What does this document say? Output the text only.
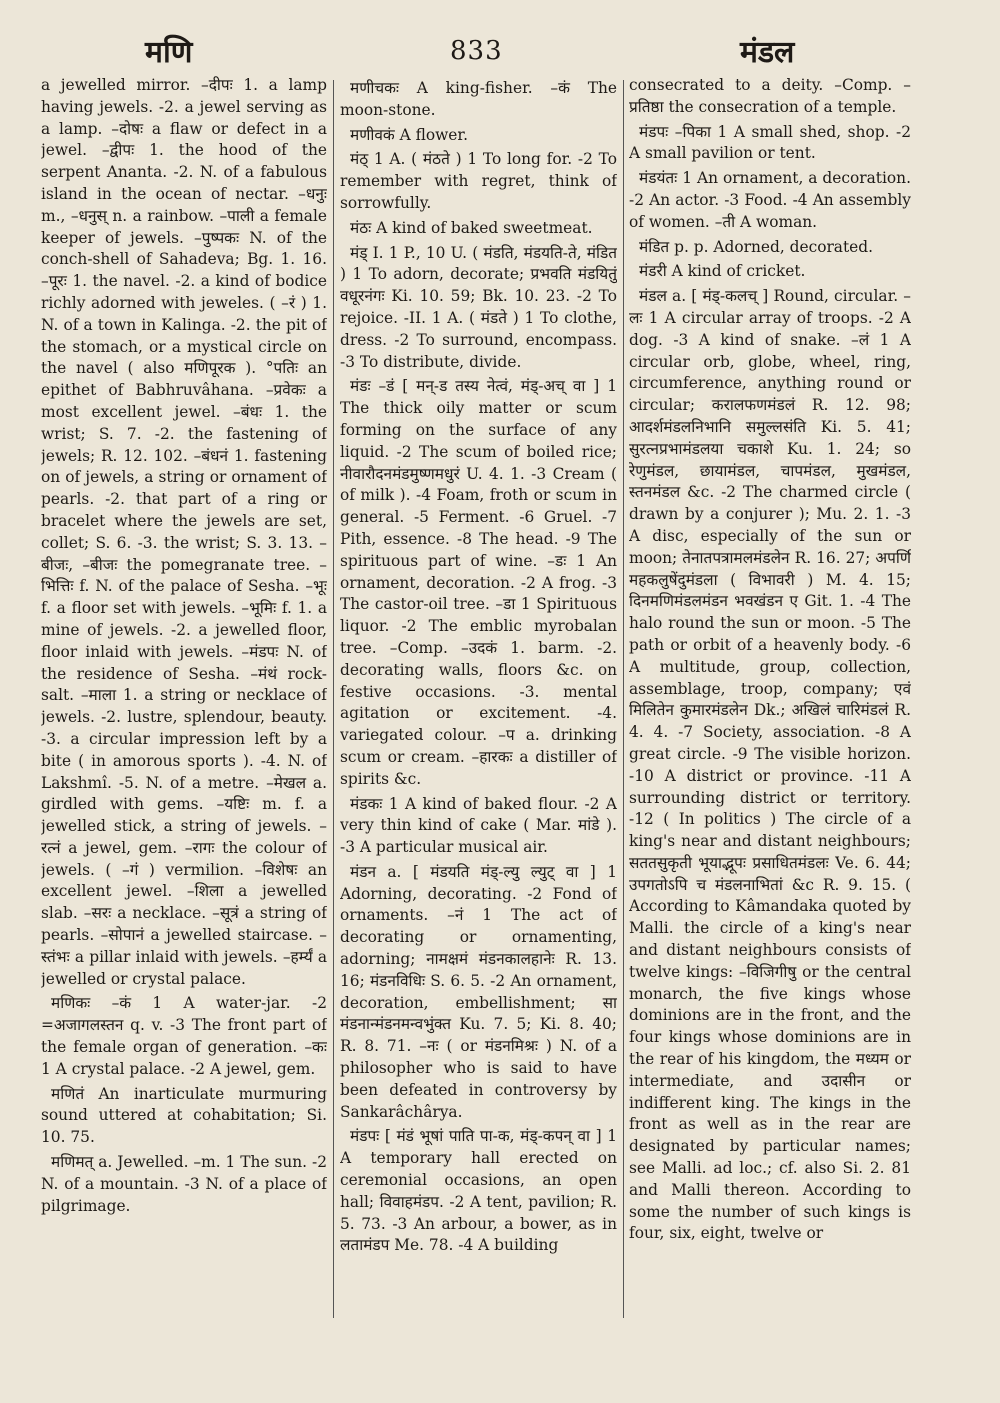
मणि	833	मंडल

a jewelled mirror. –दीपः 1. a lamp having jewels. -2. a jewel serving as a lamp. –दोषः a flaw or defect in a jewel. –द्वीपः 1. the hood of the serpent Ananta. -2. N. of a fabulous island in the ocean of nectar. –धनुः m., –धनुस् n. a rainbow. –पाली a female keeper of jewels. –पुष्पकः N. of the conch-shell of Sahadeva; Bg. 1. 16. –पूरः 1. the navel. -2. a kind of bodice richly adorned with jeweles. ( –रं ) 1. N. of a town in Kalinga. -2. the pit of the stomach, or a mystical circle on the navel ( also मणिपूरक ). °पतिः an epithet of Babhruvâhana. –प्रवेकः a most excellent jewel. –बंधः 1. the wrist; S. 7. -2. the fastening of jewels; R. 12. 102. –बंधनं 1. fastening on of jewels, a string or ornament of pearls. -2. that part of a ring or bracelet where the jewels are set, collet; S. 6. -3. the wrist; S. 3. 13. –बीजः, –बीजः the pomegranate tree. –भित्तिः f. N. of the palace of Sesha. –भूः f. a floor set with jewels. –भूमिः f. 1. a mine of jewels. -2. a jewelled floor, floor inlaid with jewels. –मंडपः N. of the residence of Sesha. –मंथं rock-salt. –माला 1. a string or necklace of jewels. -2. lustre, splendour, beauty. -3. a circular impression left by a bite ( in amorous sports ). -4. N. of Lakshmî. -5. N. of a metre. –मेखल a. girdled with gems. –यष्टिः m. f. a jewelled stick, a string of jewels. –रत्नं a jewel, gem. –रागः the colour of jewels. ( –गं ) vermilion. –विशेषः an excellent jewel. –शिला a jewelled slab. –सरः a necklace. –सूत्रं a string of pearls. –सोपानं a jewelled staircase. –स्तंभः a pillar inlaid with jewels. –हर्म्यं a jewelled or crystal palace.

मणिकः –कं 1 A water-jar. -2 =अजागलस्तन q. v. -3 The front part of the female organ of generation. –कः 1 A crystal palace. -2 A jewel, gem.

मणितं An inarticulate murmuring sound uttered at cohabitation; Si. 10. 75.

मणिमत् a. Jewelled. –m. 1 The sun. -2 N. of a mountain. -3 N. of a place of pilgrimage.

मणीचकः A king-fisher. –कं The moon-stone.

मणीवकं A flower.

मंठ् 1 A. ( मंठते ) 1 To long for. -2 To remember with regret, think of sorrowfully.

मंठः A kind of baked sweetmeat.

मंड् I. 1 P., 10 U. ( मंडति, मंडयति-ते, मंडित ) 1 To adorn, decorate; प्रभवति मंडयितुं वधूरनंगः Ki. 10. 59; Bk. 10. 23. -2 To rejoice. -II. 1 A. ( मंडते ) 1 To clothe, dress. -2 To surround, encompass. -3 To distribute, divide.

मंडः –डं [ मन्-ड तस्य नेत्वं, मंड्-अच् वा ] 1 The thick oily matter or scum forming on the surface of any liquid. -2 The scum of boiled rice; नीवारौदनमंडमुष्णमधुरं U. 4. 1. -3 Cream ( of milk ). -4 Foam, froth or scum in general. -5 Ferment. -6 Gruel. -7 Pith, essence. -8 The head. -9 The spirituous part of wine. –डः 1 An ornament, decoration. -2 A frog. -3 The castor-oil tree. –डा 1 Spirituous liquor. -2 The emblic myrobalan tree. –Comp. –उदकं 1. barm. -2. decorating walls, floors &c. on festive occasions. -3. mental agitation or excitement. -4. variegated colour. –प a. drinking scum or cream. –हारकः a distiller of spirits &c.

मंडकः 1 A kind of baked flour. -2 A very thin kind of cake ( Mar. मांडे ). -3 A particular musical air.

मंडन a. [ मंडयति मंड्-ल्यु ल्युट् वा ] 1 Adorning, decorating. -2 Fond of ornaments. –नं 1 The act of decorating or ornamenting, adorning; नामक्षमं मंडनकालहानेः R. 13. 16; मंडनविधिः S. 6. 5. -2 An ornament, decoration, embellishment; सा मंडनान्मंडनमन्वभुंक्त Ku. 7. 5; Ki. 8. 40; R. 8. 71. –नः ( or मंडनमिश्रः ) N. of a philosopher who is said to have been defeated in controversy by Sankarâchârya.

मंडपः [ मंडं भूषां पाति पा-क, मंड्-कपन् वा ] 1 A temporary hall erected on ceremonial occasions, an open hall; विवाहमंडप. -2 A tent, pavilion; R. 5. 73. -3 An arbour, a bower, as in लतामंडप Me. 78. -4 A building

consecrated to a deity. –Comp. –प्रतिष्ठा the consecration of a temple.

मंडपः –पिका 1 A small shed, shop. -2 A small pavilion or tent.

मंडयंतः 1 An ornament, a decoration. -2 An actor. -3 Food. -4 An assembly of women. –ती A woman.

मंडित p. p. Adorned, decorated.

मंडरी A kind of cricket.

मंडल a. [ मंड्-कलच् ] Round, circular. –लः 1 A circular array of troops. -2 A dog. -3 A kind of snake. –लं 1 A circular orb, globe, wheel, ring, circumference, anything round or circular; करालफणमंडलं R. 12. 98; आदर्शमंडलनिभानि समुल्लसंति Ki. 5. 41; सुरत्नप्रभामंडलया चकाशे Ku. 1. 24; so रेणुमंडल, छायामंडल, चापमंडल, मुखमंडल, स्तनमंडल &c. -2 The charmed circle ( drawn by a conjurer ); Mu. 2. 1. -3 A disc, especially of the sun or moon; तेनातपत्रामलमंडलेन R. 16. 27; अपर्णि महकलुषेंदुमंडला ( विभावरी ) M. 4. 15; दिनमणिमंडलमंडन भवखंडन ए Git. 1. -4 The halo round the sun or moon. -5 The path or orbit of a heavenly body. -6 A multitude, group, collection, assemblage, troop, company; एवं मिलितेन कुमारमंडलेन Dk.; अखिलं चारिमंडलं R. 4. 4. -7 Society, association. -8 A great circle. -9 The visible horizon. -10 A district or province. -11 A surrounding district or territory. -12 ( In politics ) The circle of a king's near and distant neighbours; सततसुकृती भूयाद्भूपः प्रसाधितमंडलः Ve. 6. 44; उपगतोऽपि च मंडलनाभितां &c R. 9. 15. ( According to Kâmandaka quoted by Malli. the circle of a king's near and distant neighbours consists of twelve kings: –विजिगीषु or the central monarch, the five kings whose dominions are in the front, and the four kings whose dominions are in the rear of his kingdom, the मध्यम or intermediate, and उदासीन or indifferent king. The kings in the front as well as in the rear are designated by particular names; see Malli. ad loc.; cf. also Si. 2. 81 and Malli thereon. According to some the number of such kings is four, six, eight, twelve or
